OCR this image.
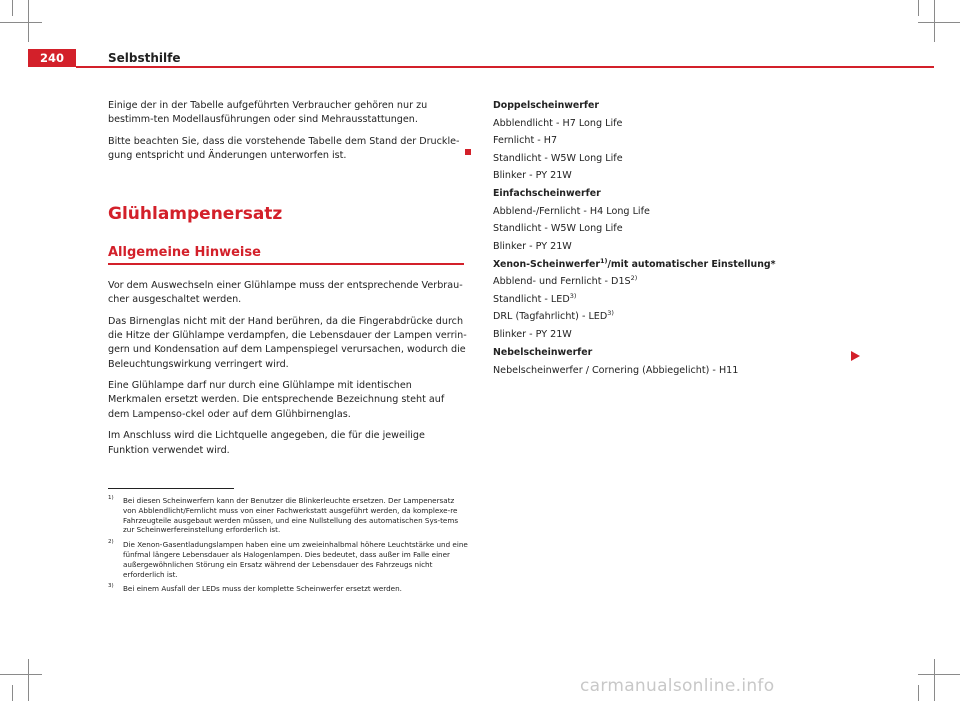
240	Selbsthilfe

Einige der in der Tabelle aufgeführten Verbraucher gehören nur zu bestimm-ten Modellausführungen oder sind Mehrausstattungen.

Bitte beachten Sie, dass die vorstehende Tabelle dem Stand der Druckle-gung entspricht und Änderungen unterworfen ist.

Glühlampenersatz
Allgemeine Hinweise

Vor dem Auswechseln einer Glühlampe muss der entsprechende Verbrau-cher ausgeschaltet werden.

Das Birnenglas nicht mit der Hand berühren, da die Fingerabdrücke durch die Hitze der Glühlampe verdampfen, die Lebensdauer der Lampen verrin-gern und Kondensation auf dem Lampenspiegel verursachen, wodurch die Beleuchtungswirkung verringert wird.

Eine Glühlampe darf nur durch eine Glühlampe mit identischen Merkmalen ersetzt werden. Die entsprechende Bezeichnung steht auf dem Lampenso-ckel oder auf dem Glühbirnenglas.

Im Anschluss wird die Lichtquelle angegeben, die für die jeweilige Funktion verwendet wird.

Doppelscheinwerfer
Abblendlicht - H7 Long Life
Fernlicht - H7
Standlicht - W5W Long Life
Blinker - PY 21W
Einfachscheinwerfer
Abblend-/Fernlicht - H4 Long Life
Standlicht - W5W Long Life
Blinker - PY 21W
Xenon-Scheinwerfer$^{1)}$/mit automatischer Einstellung*
Abblend- und Fernlicht - $D1S^{2)}$
Standlicht - LED$^{3)}$
DRL (Tagfahrlicht) - LED$^{3)}$
Blinker - PY 21W
Nebelscheinwerfer
Nebelscheinwerfer / Cornering (Abbiegelicht) - H11
1) Bei diesen Scheinwerfern kann der Benutzer die Blinkerleuchte ersetzen. Der Lampenersatz von Abblendlicht/Fernlicht muss von einer Fachwerkstatt ausgeführt werden, da komplexe-re Fahrzeugteile ausgebaut werden müssen, und eine Nullstellung des automatischen Sys-tems zur Scheinwerfereinstellung erforderlich ist.
2) Die Xenon-Gasentladungslampen haben eine um zweieinhalbmal höhere Leuchtstärke und eine fünfmal längere Lebensdauer als Halogenlampen. Dies bedeutet, dass außer im Falle einer außergewöhnlichen Störung ein Ersatz während der Lebensdauer des Fahrzeugs nicht erforderlich ist.
3) Bei einem Ausfall der LEDs muss der komplette Scheinwerfer ersetzt werden.
carmanualsonline.info
